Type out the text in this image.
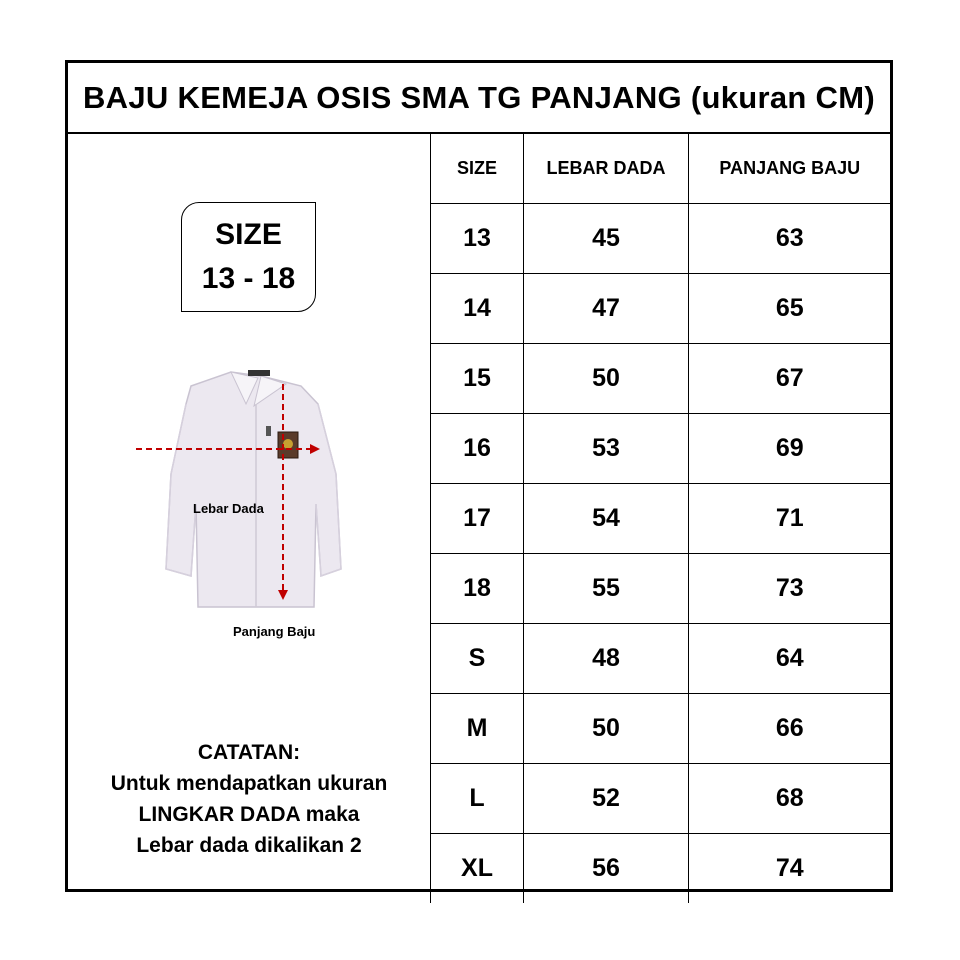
BAJU KEMEJA OSIS SMA TG PANJANG (ukuran CM)
SIZE
13 - 18
Lebar Dada
Panjang Baju
CATATAN:
Untuk mendapatkan ukuran
LINGKAR DADA maka
Lebar dada dikalikan 2
SIZE	LEBAR DADA	PANJANG BAJU
13	45	63
14	47	65
15	50	67
16	53	69
17	54	71
18	55	73
S	48	64
M	50	66
L	52	68
XL	56	74
